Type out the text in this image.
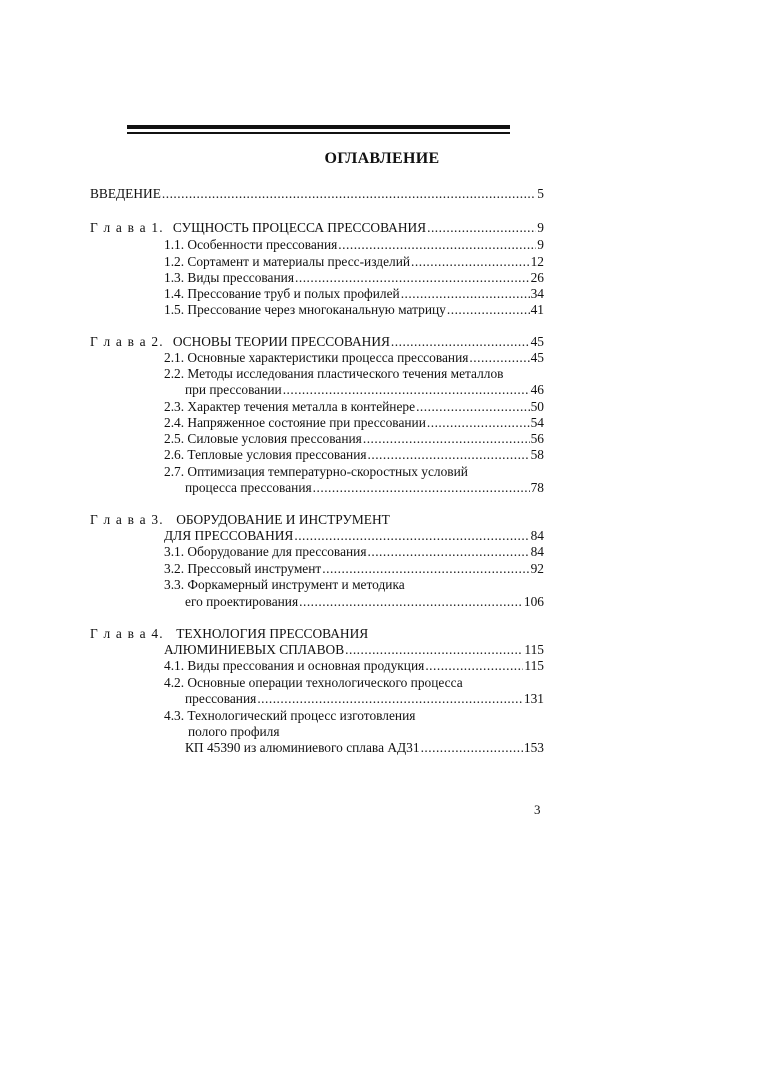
ОГЛАВЛЕНИЕ
ВВЕДЕНИЕ .....	5
Г л а в а 1. СУЩНОСТЬ ПРОЦЕССА ПРЕССОВАНИЯ .....	9
1.1. Особенности прессования .....	9
1.2. Сортамент и материалы пресс-изделий .....	12
1.3. Виды прессования .....	26
1.4. Прессование труб и полых профилей .....	34
1.5. Прессование через многоканальную матрицу .....	41
Г л а в а 2. ОСНОВЫ ТЕОРИИ ПРЕССОВАНИЯ .....	45
2.1. Основные характеристики процесса прессования .....	45
2.2. Методы исследования пластического течения металлов
при прессовании .....	46
2.3. Характер течения металла в контейнере .....	50
2.4. Напряженное состояние при прессовании .....	54
2.5. Силовые условия прессования .....	56
2.6. Тепловые условия прессования .....	58
2.7. Оптимизация температурно-скоростных условий
процесса прессования .....	78
Г л а в а 3. ОБОРУДОВАНИЕ И ИНСТРУМЕНТ
ДЛЯ ПРЕССОВАНИЯ .....	84
3.1. Оборудование для прессования .....	84
3.2. Прессовый инструмент .....	92
3.3. Форкамерный инструмент и методика
его проектирования .....	106
Г л а в а 4. ТЕХНОЛОГИЯ ПРЕССОВАНИЯ
АЛЮМИНИЕВЫХ СПЛАВОВ .....	115
4.1. Виды прессования и основная продукция .....	115
4.2. Основные операции технологического процесса
прессования .....	131
4.3. Технологический процесс изготовления
полого профиля
КП 45390 из алюминиевого сплава АД31 .....	153
3
